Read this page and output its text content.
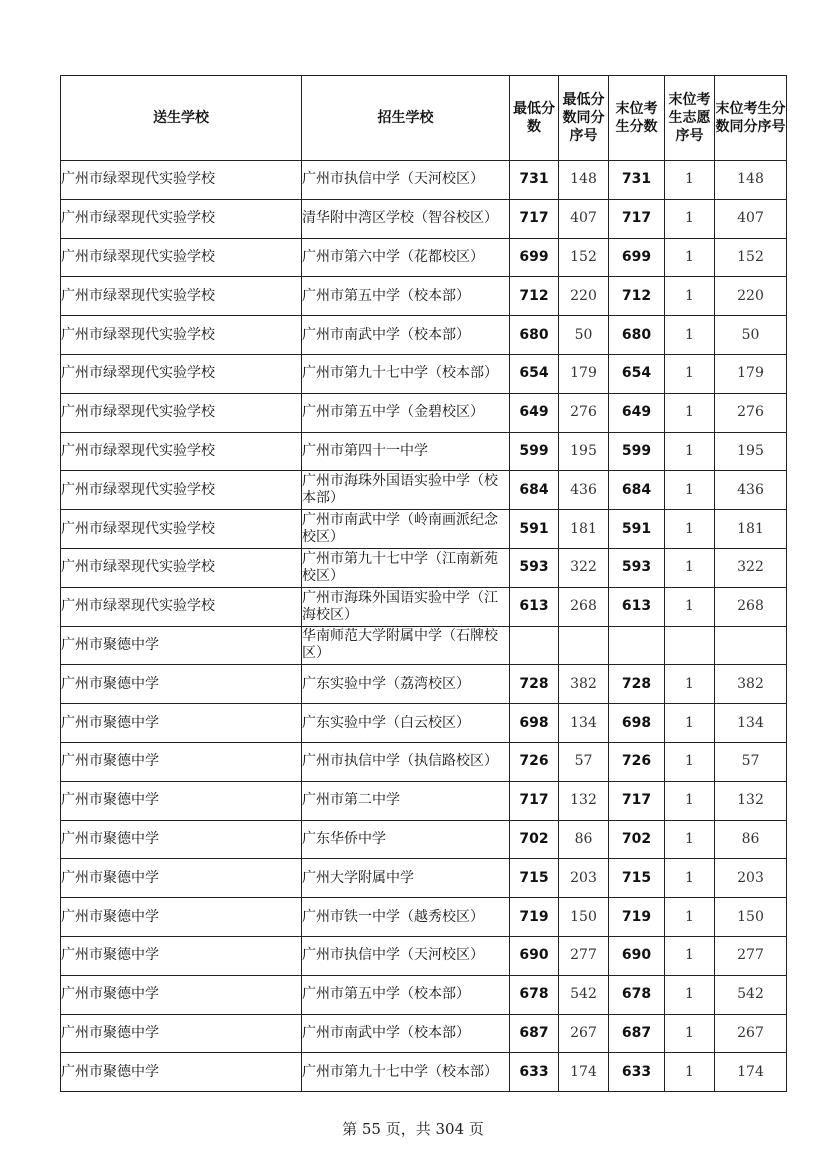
送生学校	招生学校	最低分数	最低分数同分序号	末位考生分数	末位考生志愿序号	末位考生分数同分序号
广州市绿翠现代实验学校	广州市执信中学（天河校区）	731	148	731	1	148
广州市绿翠现代实验学校	清华附中湾区学校（智谷校区）	717	407	717	1	407
广州市绿翠现代实验学校	广州市第六中学（花都校区）	699	152	699	1	152
广州市绿翠现代实验学校	广州市第五中学（校本部）	712	220	712	1	220
广州市绿翠现代实验学校	广州市南武中学（校本部）	680	50	680	1	50
广州市绿翠现代实验学校	广州市第九十七中学（校本部）	654	179	654	1	179
广州市绿翠现代实验学校	广州市第五中学（金碧校区）	649	276	649	1	276
广州市绿翠现代实验学校	广州市第四十一中学	599	195	599	1	195
广州市绿翠现代实验学校	广州市海珠外国语实验中学（校本部）	684	436	684	1	436
广州市绿翠现代实验学校	广州市南武中学（岭南画派纪念校区）	591	181	591	1	181
广州市绿翠现代实验学校	广州市第九十七中学（江南新苑校区）	593	322	593	1	322
广州市绿翠现代实验学校	广州市海珠外国语实验中学（江海校区）	613	268	613	1	268
广州市聚德中学	华南师范大学附属中学（石牌校区）					
广州市聚德中学	广东实验中学（荔湾校区）	728	382	728	1	382
广州市聚德中学	广东实验中学（白云校区）	698	134	698	1	134
广州市聚德中学	广州市执信中学（执信路校区）	726	57	726	1	57
广州市聚德中学	广州市第二中学	717	132	717	1	132
广州市聚德中学	广东华侨中学	702	86	702	1	86
广州市聚德中学	广州大学附属中学	715	203	715	1	203
广州市聚德中学	广州市铁一中学（越秀校区）	719	150	719	1	150
广州市聚德中学	广州市执信中学（天河校区）	690	277	690	1	277
广州市聚德中学	广州市第五中学（校本部）	678	542	678	1	542
广州市聚德中学	广州市南武中学（校本部）	687	267	687	1	267
广州市聚德中学	广州市第九十七中学（校本部）	633	174	633	1	174
第 55 页，共 304 页
